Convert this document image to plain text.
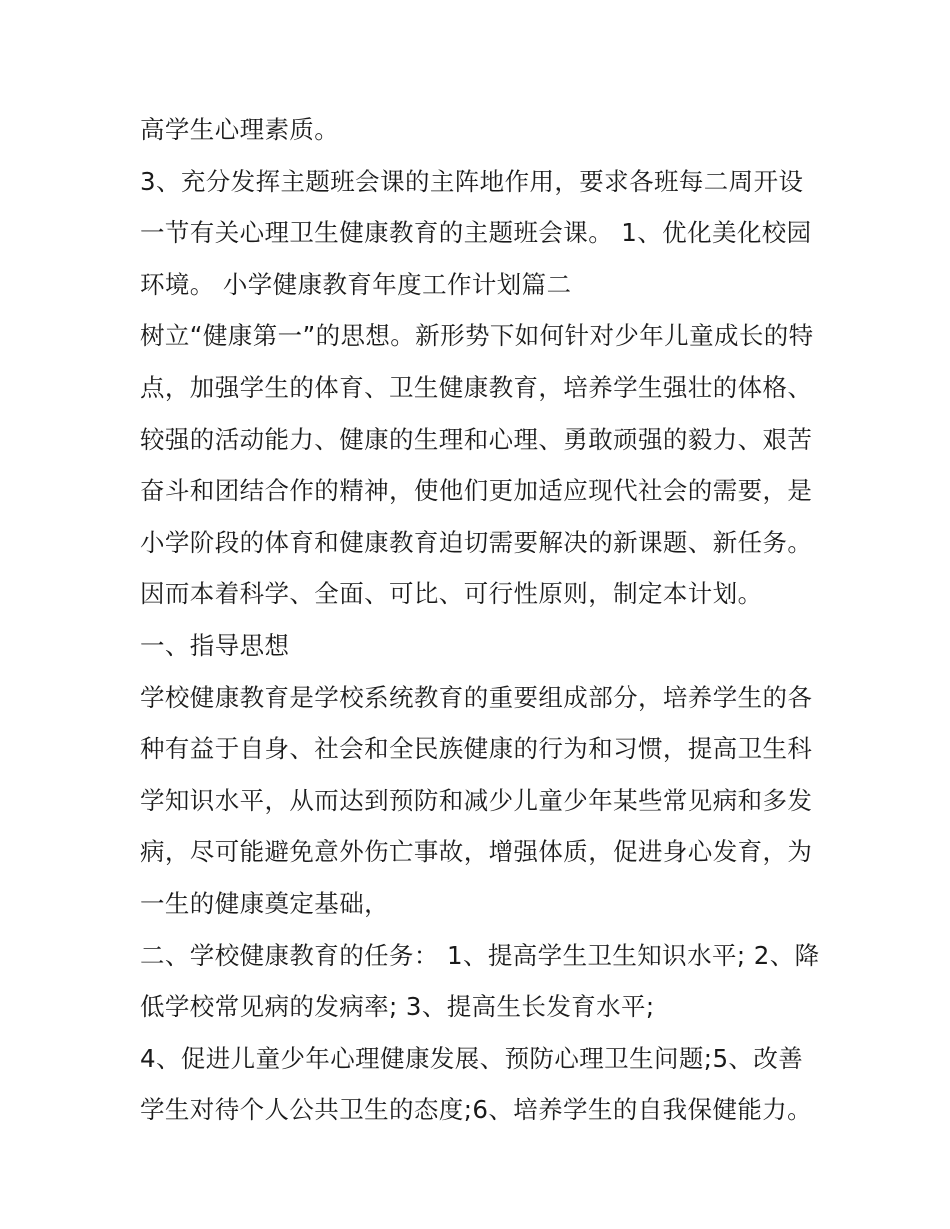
高学生心理素质。
3、充分发挥主题班会课的主阵地作用，要求各班每二周开设
一节有关心理卫生健康教育的主题班会课。 1、优化美化校园
环境。 小学健康教育年度工作计划篇二
树立“健康第一”的思想。新形势下如何针对少年儿童成长的特
点，加强学生的体育、卫生健康教育，培养学生强壮的体格、
较强的活动能力、健康的生理和心理、勇敢顽强的毅力、艰苦
奋斗和团结合作的精神，使他们更加适应现代社会的需要，是
小学阶段的体育和健康教育迫切需要解决的新课题、新任务。
因而本着科学、全面、可比、可行性原则，制定本计划。
一、指导思想
学校健康教育是学校系统教育的重要组成部分，培养学生的各
种有益于自身、社会和全民族健康的行为和习惯，提高卫生科
学知识水平，从而达到预防和减少儿童少年某些常见病和多发
病，尽可能避免意外伤亡事故，增强体质，促进身心发育，为
一生的健康奠定基础，
二、学校健康教育的任务： 1、提高学生卫生知识水平; 2、降
低学校常见病的发病率; 3、提高生长发育水平;
4、促进儿童少年心理健康发展、预防心理卫生问题;5、改善
学生对待个人公共卫生的态度;6、培养学生的自我保健能力。
